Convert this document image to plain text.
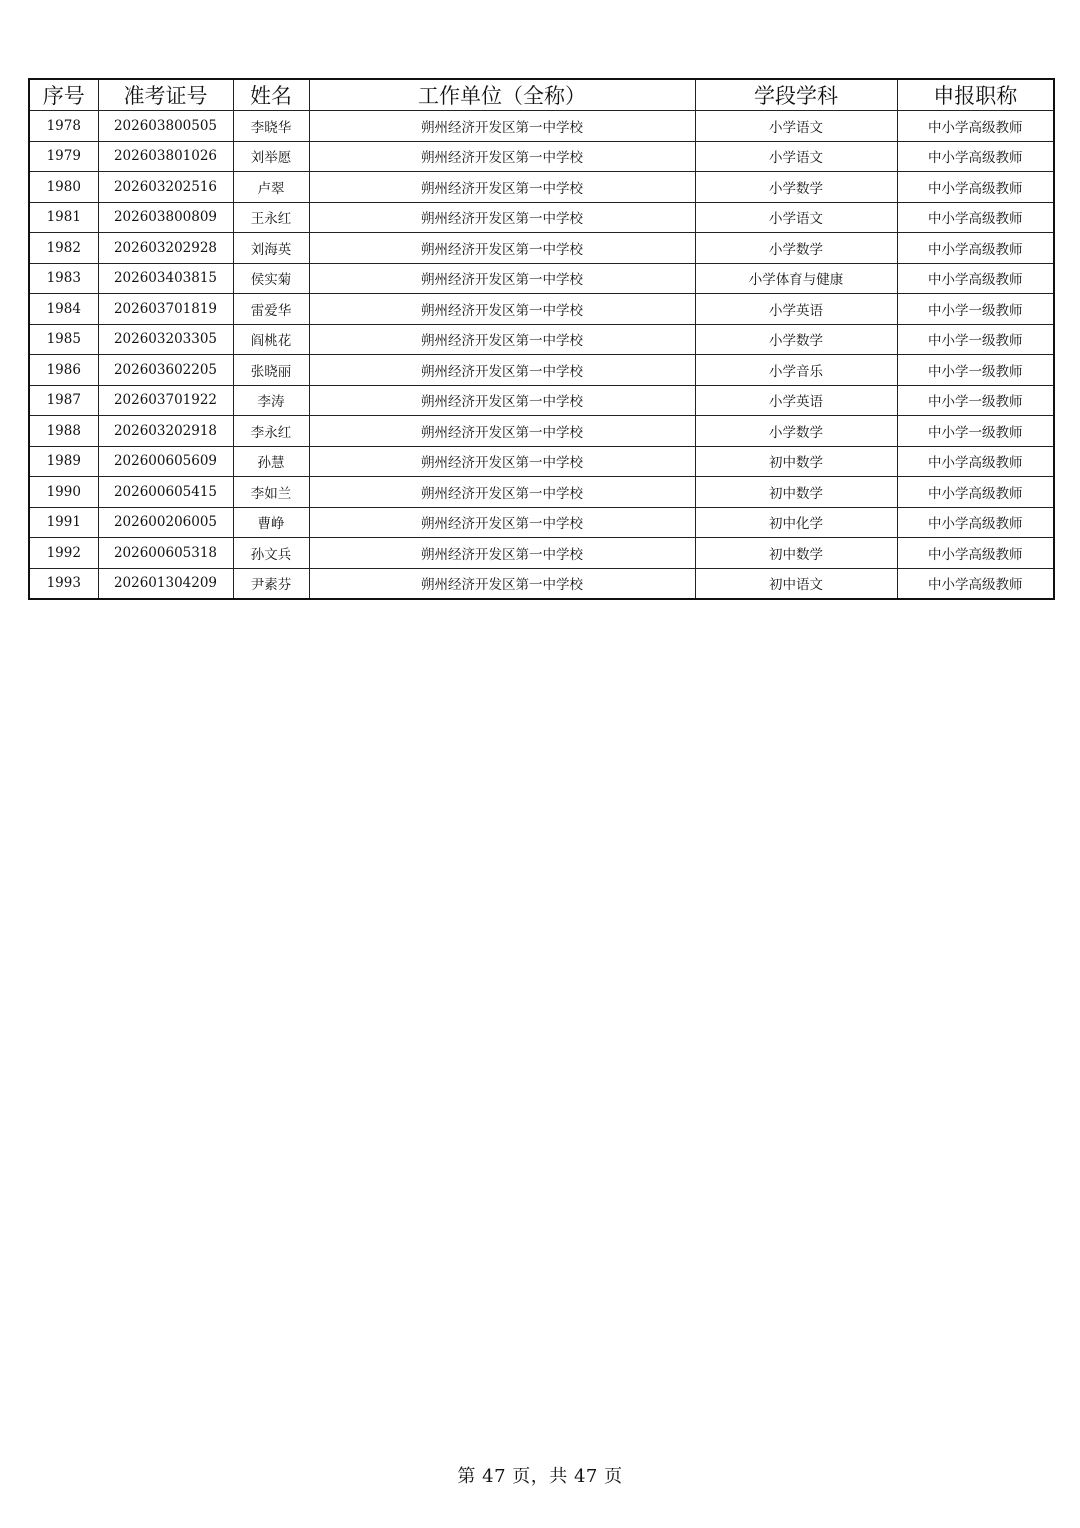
序号	准考证号	姓名	工作单位（全称）	学段学科	申报职称
1978	202603800505	李晓华	朔州经济开发区第一中学校	小学语文	中小学高级教师
1979	202603801026	刘举愿	朔州经济开发区第一中学校	小学语文	中小学高级教师
1980	202603202516	卢翠	朔州经济开发区第一中学校	小学数学	中小学高级教师
1981	202603800809	王永红	朔州经济开发区第一中学校	小学语文	中小学高级教师
1982	202603202928	刘海英	朔州经济开发区第一中学校	小学数学	中小学高级教师
1983	202603403815	侯实菊	朔州经济开发区第一中学校	小学体育与健康	中小学高级教师
1984	202603701819	雷爱华	朔州经济开发区第一中学校	小学英语	中小学一级教师
1985	202603203305	阎桃花	朔州经济开发区第一中学校	小学数学	中小学一级教师
1986	202603602205	张晓丽	朔州经济开发区第一中学校	小学音乐	中小学一级教师
1987	202603701922	李涛	朔州经济开发区第一中学校	小学英语	中小学一级教师
1988	202603202918	李永红	朔州经济开发区第一中学校	小学数学	中小学一级教师
1989	202600605609	孙慧	朔州经济开发区第一中学校	初中数学	中小学高级教师
1990	202600605415	李如兰	朔州经济开发区第一中学校	初中数学	中小学高级教师
1991	202600206005	曹峥	朔州经济开发区第一中学校	初中化学	中小学高级教师
1992	202600605318	孙文兵	朔州经济开发区第一中学校	初中数学	中小学高级教师
1993	202601304209	尹素芬	朔州经济开发区第一中学校	初中语文	中小学高级教师
第 47 页，共 47 页
